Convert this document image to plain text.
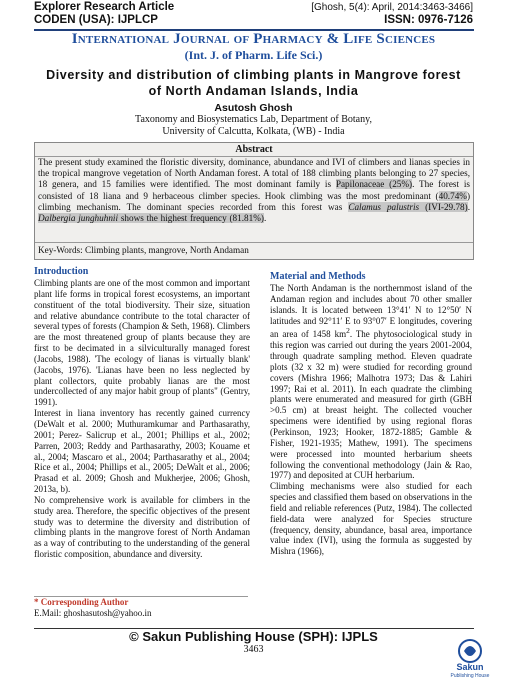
Explorer Research Article
CODEN (USA): IJPLCP
[Ghosh, 5(4): April, 2014:3463-3466]
ISSN: 0976-7126
International Journal of Pharmacy & Life Sciences
(Int. J. of Pharm. Life Sci.)
Diversity and distribution of climbing plants in Mangrove forest of North Andaman Islands, India
Asutosh Ghosh
Taxonomy and Biosystematics Lab, Department of Botany,
University of Calcutta, Kolkata, (WB) - India
Abstract
The present study examined the floristic diversity, dominance, abundance and IVI of climbers and lianas species in the tropical mangrove vegetation of North Andaman forest. A total of 188 climbing plants belonging to 27 species, 18 genera, and 15 families were identified. The most dominant family is Papilonaceae (25%). The forest is consisted of 18 liana and 9 herbaceous climber species. Hook climbing was the most predominant (40.74%) climbing mechanism. The dominant species recorded from this forest was Calamus palustris (IVI-29.78). Dalbergia junghuhnii shows the highest frequency (81.81%).
Key-Words: Climbing plants, mangrove, North Andaman
Introduction
Climbing plants are one of the most common and important plant life forms in tropical forest ecosystems, an important constituent of the total biodiversity. Their size, situation and relative abundance contribute to the total character of several types of forests (Champion & Seth, 1968). Climbers are the most threatened group of plants because they are first to be decimated in a silviculturally managed forest (Jacobs, 1988). 'The ecology of lianas is virtually blank' (Jacobs, 1976). 'Lianas have been no less neglected by plant collectors, quite probably lianas are the most undercollected of any major habit group of plants" (Gentry, 1991).
Interest in liana inventory has recently gained currency (DeWalt et al. 2000; Muthuramkumar and Parthasarathy, 2001; Perez- Salicrup et al., 2001; Phillips et al., 2002; Parren, 2003; Reddy and Parthasarathy, 2003; Kouame et al., 2004; Mascaro et al., 2004; Parthasarathy et al., 2004; Rice et al., 2004; Phillips et al., 2005; DeWalt et al., 2006; Prasad et al. 2009; Ghosh and Mukherjee, 2006; Ghosh, 2013a, b).
No comprehensive work is available for climbers in the study area. Therefore, the specific objectives of the present study was to determine the diversity and distribution of climbing plants in the mangrove forest of North Andaman as a way of contributing to the understanding of the general floristic composition, abundance and diversity.
* Corresponding Author
E.Mail: ghoshasutosh@yahoo.in
Material and Methods
The North Andaman is the northernmost island of the Andaman region and includes about 70 other smaller islands. It is located between 13°41′ N to 12°50′ N latitudes and 92°11′ E to 93°07′ E longitudes, covering an area of 1458 $km^2$. The phytosociological study in this region was carried out during the years 2001-2004, through quadrate sampling method. Eleven quadrate plots (32 x 32 m) were studied for recording ground covers (Mishra 1966; Malhotra 1973; Das & Lahiri 1997; Rai et al. 2011). In each quadrate the climbing plants were enumerated and measured for girth (GBH >0.5 cm) at breast height. The collected voucher specimens were identified by using regional floras (Perkinson, 1923; Hooker, 1872-1885; Gamble & Fisher, 1921-1935; Mathew, 1991). The specimens were processed into mounted herbarium sheets following the conventional methodology (Jain & Rao, 1977) and deposited at CUH herbarium.
Climbing mechanisms were also studied for each species and classified them based on observations in the field and reliable references (Putz, 1984). The collected field-data were analyzed for Species structure (frequency, density, abundance, basal area, importance value index (IVI), using the formula as suggested by Mishra (1966),
© Sakun Publishing House (SPH): IJPLS
3463
Sakun
Publishing House
